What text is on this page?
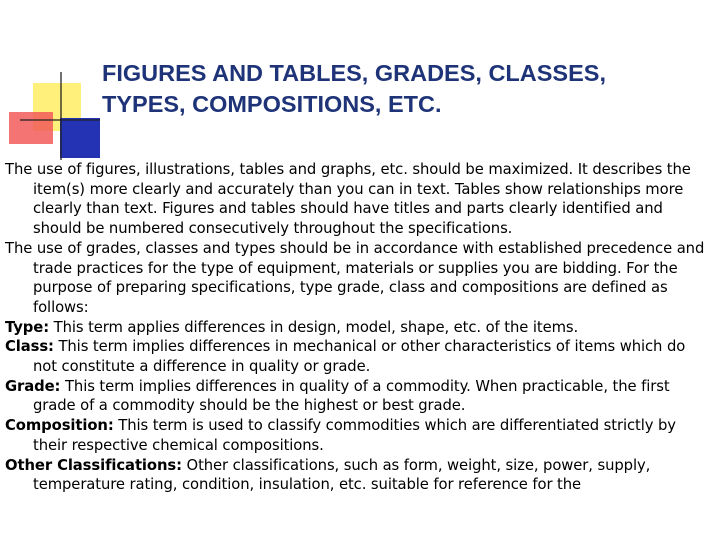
FIGURES AND TABLES, GRADES, CLASSES,
TYPES, COMPOSITIONS, ETC.

The use of figures, illustrations, tables and graphs, etc. should be maximized. It describes the item(s) more clearly and accurately than you can in text. Tables show relationships more clearly than text. Figures and tables should have titles and parts clearly identified and should be numbered consecutively throughout the specifications.

The use of grades, classes and types should be in accordance with established precedence and trade practices for the type of equipment, materials or supplies you are bidding. For the purpose of preparing specifications, type grade, class and compositions are defined as follows:

Type: This term applies differences in design, model, shape, etc. of the items.

Class: This term implies differences in mechanical or other characteristics of items which do not constitute a difference in quality or grade.

Grade: This term implies differences in quality of a commodity. When practicable, the first grade of a commodity should be the highest or best grade.

Composition: This term is used to classify commodities which are differentiated strictly by their respective chemical compositions.

Other Classifications: Other classifications, such as form, weight, size, power, supply, temperature rating, condition, insulation, etc. suitable for reference for the
